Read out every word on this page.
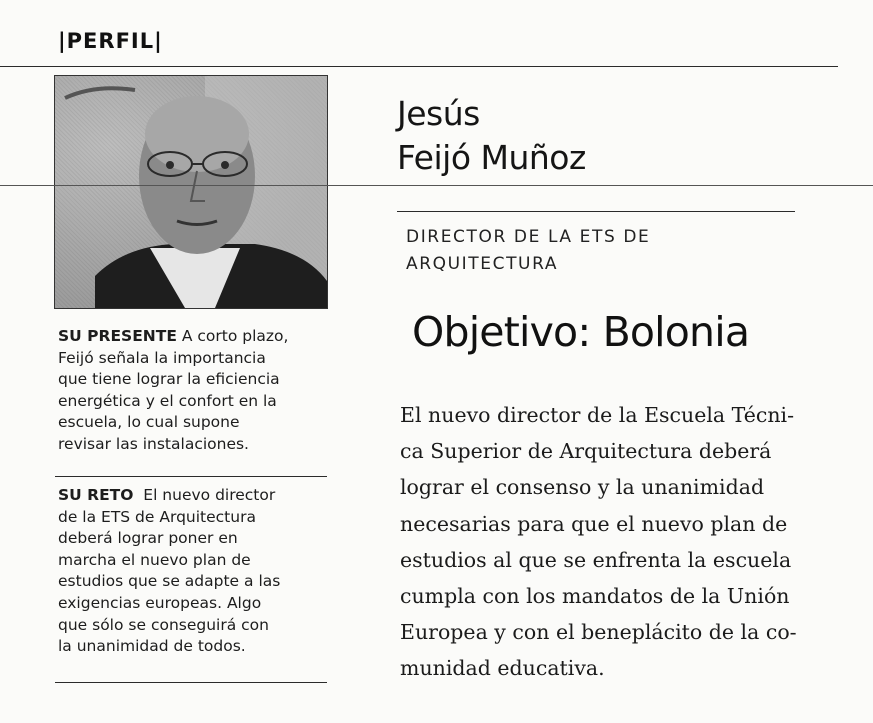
|PERFIL|
Jesús
Feijó Muñoz
DIRECTOR DE LA ETS DE
ARQUITECTURA
Objetivo: Bolonia
El nuevo director de la Escuela Técni-
ca Superior de Arquitectura deberá
lograr el consenso y la unanimidad
necesarias para que el nuevo plan de
estudios al que se enfrenta la escuela
cumpla con los mandatos de la Unión
Europea y con el beneplácito de la co-
munidad educativa.
SU PRESENTE A corto plazo,
Feijó señala la importancia
que tiene lograr la eficiencia
energética y el confort en la
escuela, lo cual supone
revisar las instalaciones.
SU RETO  El nuevo director
de la ETS de Arquitectura
deberá lograr poner en
marcha el nuevo plan de
estudios que se adapte a las
exigencias europeas. Algo
que sólo se conseguirá con
la unanimidad de todos.
